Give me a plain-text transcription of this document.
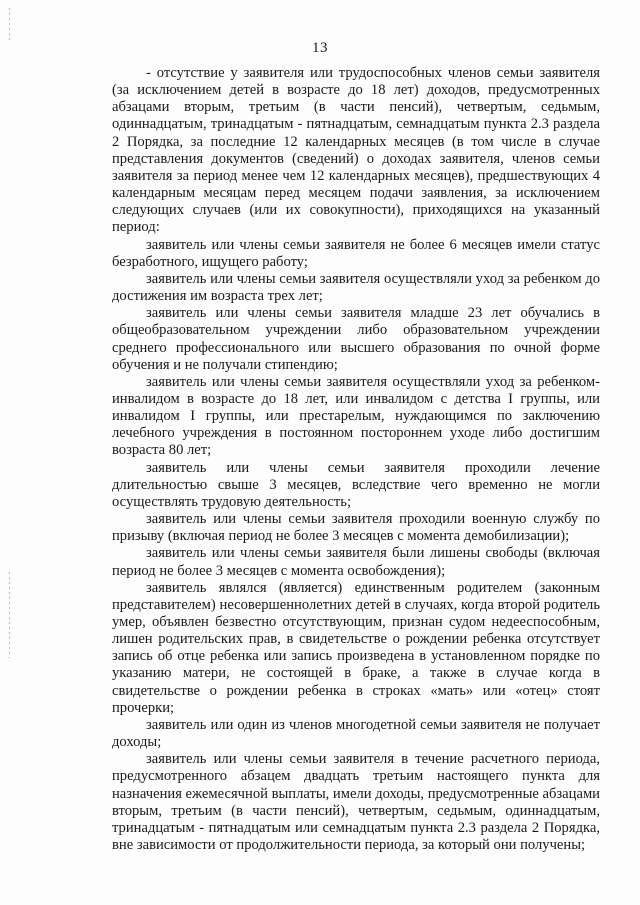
13

- отсутствие у заявителя или трудоспособных членов семьи заявителя (за исключением детей в возрасте до 18 лет) доходов, предусмотренных абзацами вторым, третьим (в части пенсий), четвертым, седьмым, одиннадцатым, тринадцатым - пятнадцатым, семнадцатым пункта 2.3 раздела 2 Порядка, за последние 12 календарных месяцев (в том числе в случае представления документов (сведений) о доходах заявителя, членов семьи заявителя за период менее чем 12 календарных месяцев), предшествующих 4 календарным месяцам перед месяцем подачи заявления, за исключением следующих случаев (или их совокупности), приходящихся на указанный период:

заявитель или члены семьи заявителя не более 6 месяцев имели статус безработного, ищущего работу;

заявитель или члены семьи заявителя осуществляли уход за ребенком до достижения им возраста трех лет;

заявитель или члены семьи заявителя младше 23 лет обучались в общеобразовательном учреждении либо образовательном учреждении среднего профессионального или высшего образования по очной форме обучения и не получали стипендию;

заявитель или члены семьи заявителя осуществляли уход за ребенком-инвалидом в возрасте до 18 лет, или инвалидом с детства I группы, или инвалидом I группы, или престарелым, нуждающимся по заключению лечебного учреждения в постоянном постороннем уходе либо достигшим возраста 80 лет;

заявитель или члены семьи заявителя проходили лечение длительностью свыше 3 месяцев, вследствие чего временно не могли осуществлять трудовую деятельность;

заявитель или члены семьи заявителя проходили военную службу по призыву (включая период не более 3 месяцев с момента демобилизации);

заявитель или члены семьи заявителя были лишены свободы (включая период не более 3 месяцев с момента освобождения);

заявитель являлся (является) единственным родителем (законным представителем) несовершеннолетних детей в случаях, когда второй родитель умер, объявлен безвестно отсутствующим, признан судом недееспособным, лишен родительских прав, в свидетельстве о рождении ребенка отсутствует запись об отце ребенка или запись произведена в установленном порядке по указанию матери, не состоящей в браке, а также в случае когда в свидетельстве о рождении ребенка в строках «мать» или «отец» стоят прочерки;

заявитель или один из членов многодетной семьи заявителя не получает доходы;

заявитель или члены семьи заявителя в течение расчетного периода, предусмотренного абзацем двадцать третьим настоящего пункта для назначения ежемесячной выплаты, имели доходы, предусмотренные абзацами вторым, третьим (в части пенсий), четвертым, седьмым, одиннадцатым, тринадцатым - пятнадцатым или семнадцатым пункта 2.3 раздела 2 Порядка, вне зависимости от продолжительности периода, за который они получены;
